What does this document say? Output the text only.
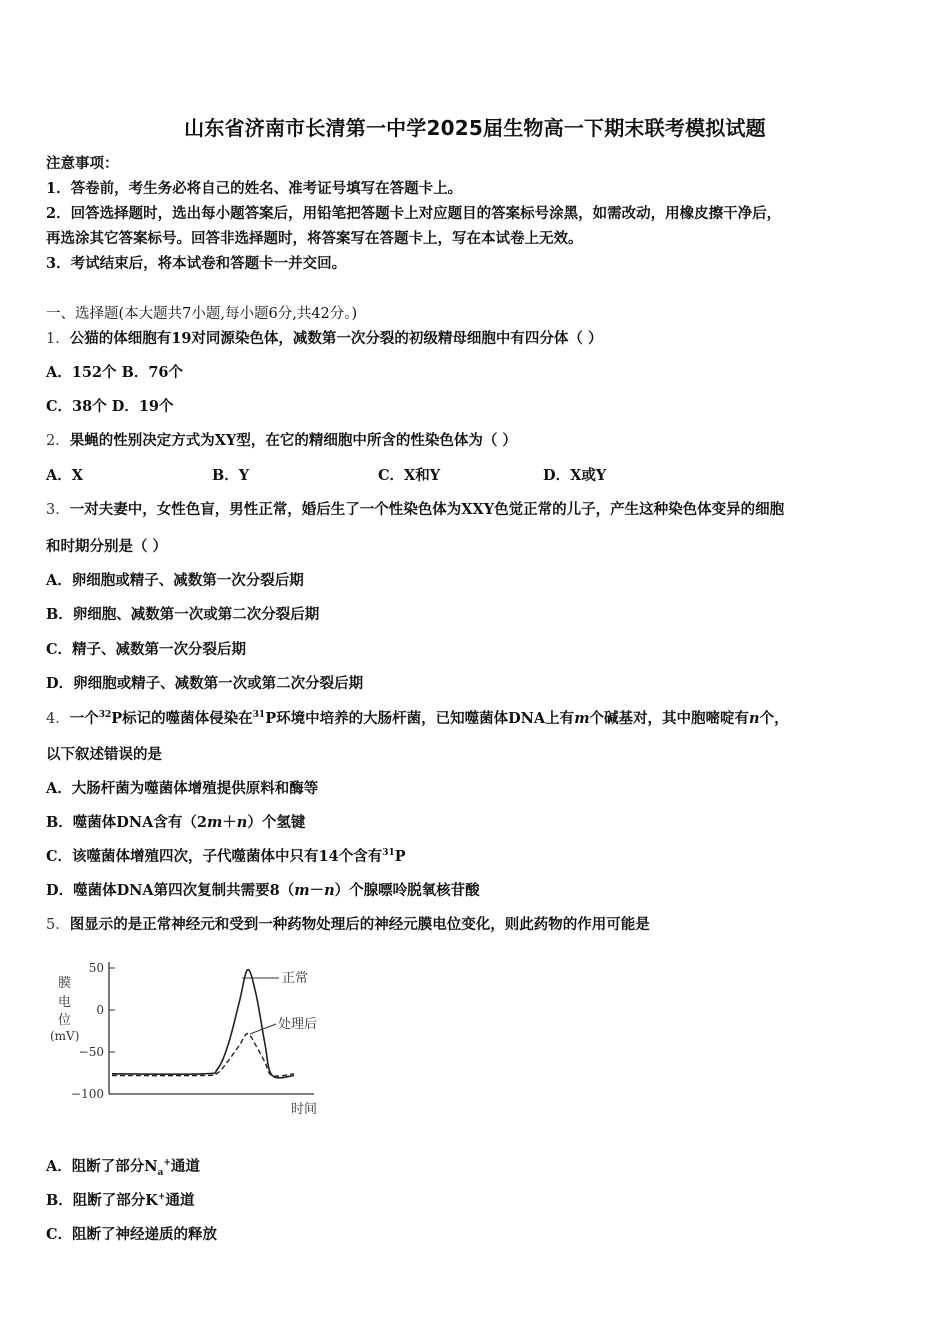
山东省济南市长清第一中学2025届生物高一下期末联考模拟试题
注意事项：
1．答卷前，考生务必将自己的姓名、准考证号填写在答题卡上。
2．回答选择题时，选出每小题答案后，用铅笔把答题卡上对应题目的答案标号涂黑，如需改动，用橡皮擦干净后，
再选涂其它答案标号。回答非选择题时，将答案写在答题卡上，写在本试卷上无效。
3．考试结束后，将本试卷和答题卡一并交回。
一、选择题(本大题共7小题,每小题6分,共42分。)
1．公猫的体细胞有19对同源染色体，减数第一次分裂的初级精母细胞中有四分体（ ）
A．152个 B．76个
C．38个 D．19个
2．果蝇的性别决定方式为XY型，在它的精细胞中所含的性染色体为（ ）
A．X	B．Y	C．X和Y	D．X或Y
3．一对夫妻中，女性色盲，男性正常，婚后生了一个性染色体为XXY色觉正常的儿子，产生这种染色体变异的细胞
和时期分别是（ ）
A．卵细胞或精子、减数第一次分裂后期
B．卵细胞、减数第一次或第二次分裂后期
C．精子、减数第一次分裂后期
D．卵细胞或精子、减数第一次或第二次分裂后期
4．一个$^{32}$P标记的噬菌体侵染在$^{31}$P环境中培养的大肠杆菌，已知噬菌体DNA上有m个碱基对，其中胞嘧啶有n个，
以下叙述错误的是
A．大肠杆菌为噬菌体增殖提供原料和酶等
B．噬菌体DNA含有（2m＋n）个氢键
C．该噬菌体增殖四次，子代噬菌体中只有14个含有$^{31}$P
D．噬菌体DNA第四次复制共需要8（m－n）个腺嘌呤脱氧核苷酸
5．图显示的是正常神经元和受到一种药物处理后的神经元膜电位变化，则此药物的作用可能是
膜
电
位
(mV)
50
0
−50
−100
正常
处理后
时间
A．阻断了部分$N_a^+$通道
B．阻断了部分K+通道
C．阻断了神经递质的释放
